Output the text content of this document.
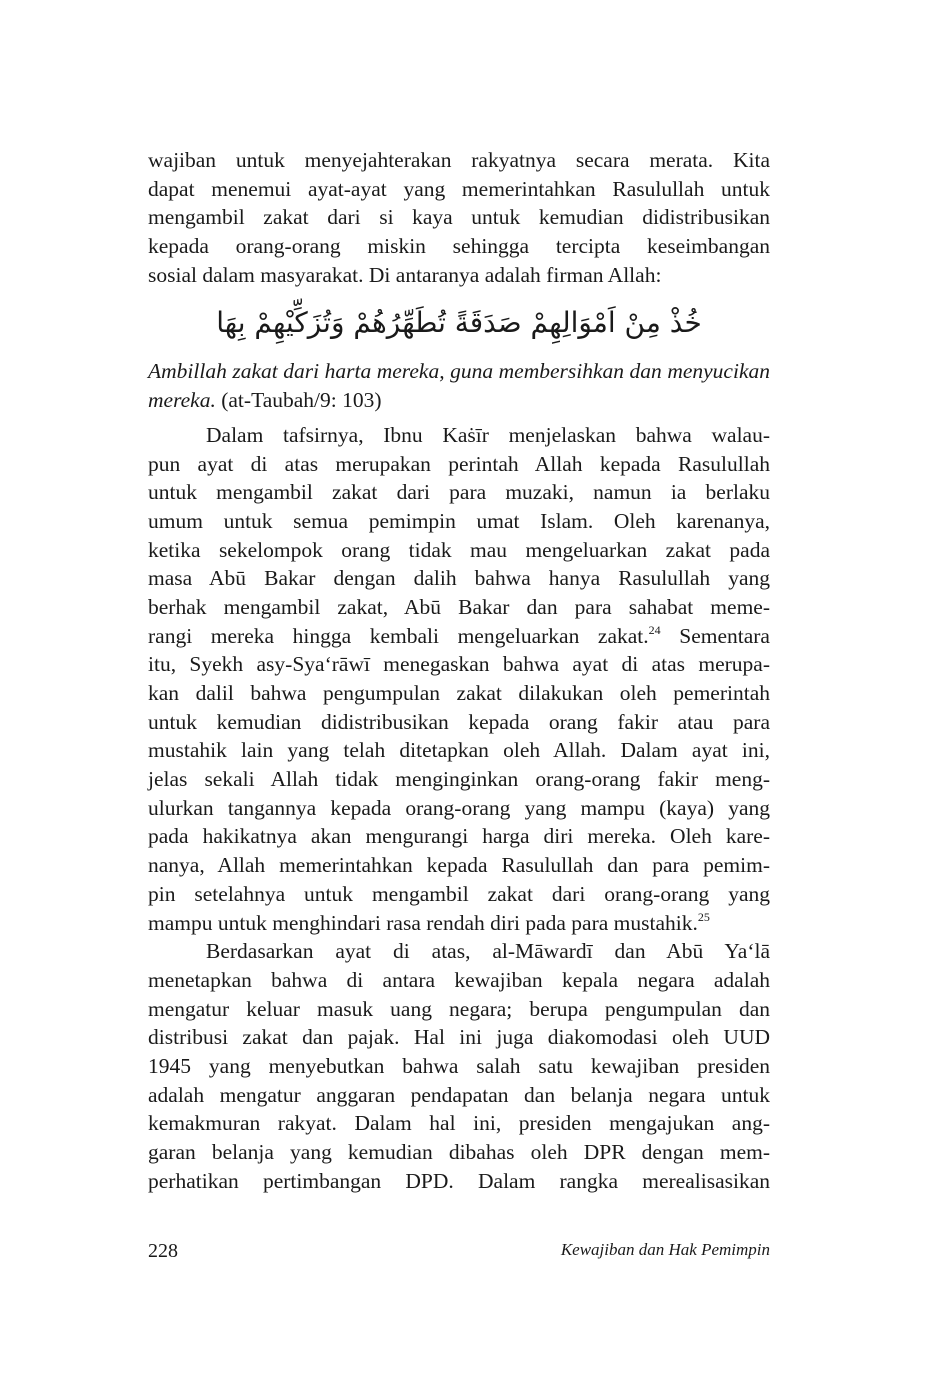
wajiban untuk menyejahterakan rakyatnya secara merata. Kita
dapat menemui ayat-ayat yang memerintahkan Rasulullah untuk
mengambil zakat dari si kaya untuk kemudian didistribusikan
kepada orang-orang miskin sehingga tercipta keseimbangan
sosial dalam masyarakat. Di antaranya adalah firman Allah:
خُذْ مِنْ اَمْوَالِهِمْ صَدَقَةً تُطَهِّرُهُمْ وَتُزَكِّيْهِمْ بِهَا
Ambillah zakat dari harta mereka, guna membersihkan dan menyucikan
mereka. (at-Taubah/9: 103)
Dalam tafsirnya, Ibnu Kaṡīr menjelaskan bahwa walau-
pun ayat di atas merupakan perintah Allah kepada Rasulullah
untuk mengambil zakat dari para muzaki, namun ia berlaku
umum untuk semua pemimpin umat Islam. Oleh karenanya,
ketika sekelompok orang tidak mau mengeluarkan zakat pada
masa Abū Bakar dengan dalih bahwa hanya Rasulullah yang
berhak mengambil zakat, Abū Bakar dan para sahabat meme-
rangi mereka hingga kembali mengeluarkan zakat.$^{24}$ Sementara
itu, Syekh asy-Sya‘rāwī menegaskan bahwa ayat di atas merupa-
kan dalil bahwa pengumpulan zakat dilakukan oleh pemerintah
untuk kemudian didistribusikan kepada orang fakir atau para
mustahik lain yang telah ditetapkan oleh Allah. Dalam ayat ini,
jelas sekali Allah tidak menginginkan orang-orang fakir meng-
ulurkan tangannya kepada orang-orang yang mampu (kaya) yang
pada hakikatnya akan mengurangi harga diri mereka. Oleh kare-
nanya, Allah memerintahkan kepada Rasulullah dan para pemim-
pin setelahnya untuk mengambil zakat dari orang-orang yang
mampu untuk menghindari rasa rendah diri pada para mustahik.$^{25}$
Berdasarkan ayat di atas, al-Māwardī dan Abū Ya‘lā
menetapkan bahwa di antara kewajiban kepala negara adalah
mengatur keluar masuk uang negara; berupa pengumpulan dan
distribusi zakat dan pajak. Hal ini juga diakomodasi oleh UUD
1945 yang menyebutkan bahwa salah satu kewajiban presiden
adalah mengatur anggaran pendapatan dan belanja negara untuk
kemakmuran rakyat. Dalam hal ini, presiden mengajukan ang-
garan belanja yang kemudian dibahas oleh DPR dengan mem-
perhatikan pertimbangan DPD. Dalam rangka merealisasikan
228	Kewajiban dan Hak Pemimpin
